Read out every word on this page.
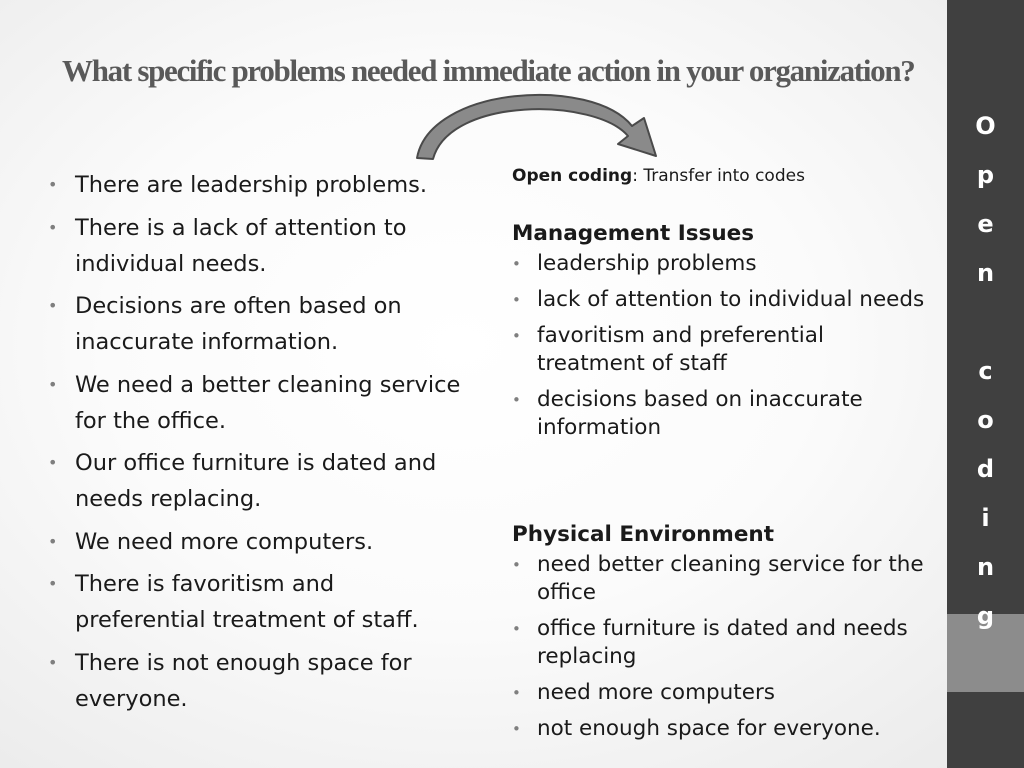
What specific problems needed immediate action in your organization?
• There are leadership problems.
• There is a lack of attention to individual needs.
• Decisions are often based on inaccurate information.
• We need a better cleaning service for the office.
• Our office furniture is dated and needs replacing.
• We need more computers.
• There is favoritism and preferential treatment of staff.
• There is not enough space for everyone.

Open coding: Transfer into codes

Management Issues
• leadership problems
• lack of attention to individual needs
• favoritism and preferential treatment of staff
• decisions based on inaccurate information
Physical Environment
• need better cleaning service for the office
• office furniture is dated and needs replacing
• need more computers
• not enough space for everyone.
O
p
e
n
c
o
d
i
n
g
